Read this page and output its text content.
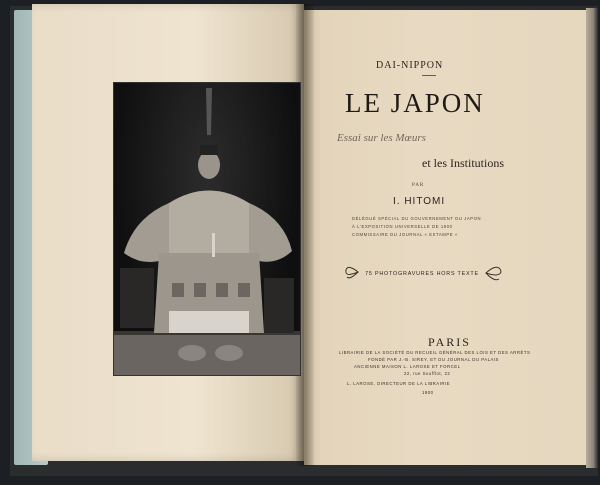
DAI-NIPPON
LE JAPON
Essai sur les Mœurs
et les Institutions
PAR
I. HITOMI
DÉLÉGUÉ SPÉCIAL DU GOUVERNEMENT DU JAPON
À L'EXPOSITION UNIVERSELLE DE 1900
COMMISSAIRE DU JOURNAL « ESTAMPE »
75 PHOTOGRAVURES HORS TEXTE
PARIS
LIBRAIRIE DE LA SOCIÉTÉ DU RECUEIL GÉNÉRAL DES LOIS ET DES ARRÊTS
FONDÉ PAR J.-B. SIREY, ET DU JOURNAL DU PALAIS
ANCIENNE MAISON L. LAROSE ET FORCEL
22, rue Soufflot, 22
L. LAROSE, DIRECTEUR DE LA LIBRAIRIE
1900
